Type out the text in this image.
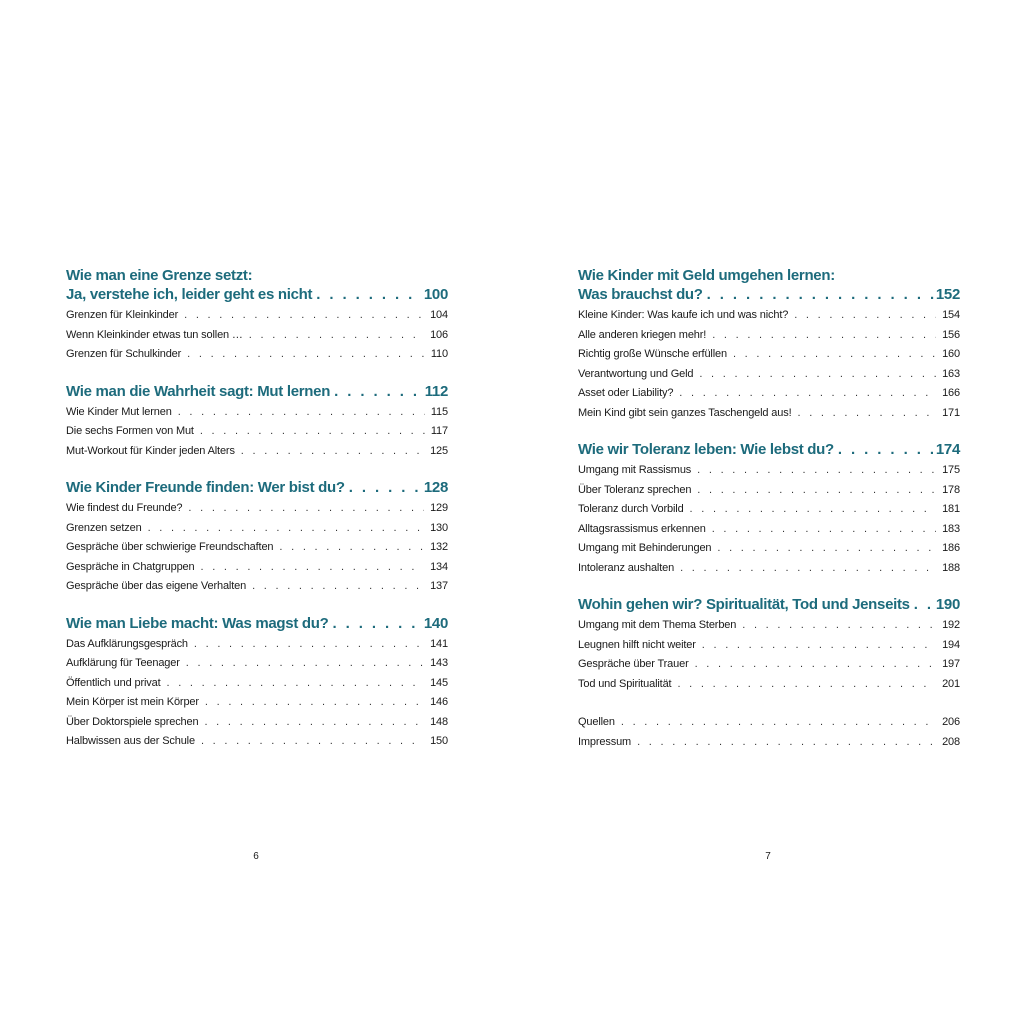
Wie man eine Grenze setzt:
Ja, verstehe ich, leider geht es nicht . . .	100
Grenzen für Kleinkinder . . .	104
Wenn Kleinkinder etwas tun sollen … . . .	106
Grenzen für Schulkinder . . .	110
Wie man die Wahrheit sagt: Mut lernen . . .	112
Wie Kinder Mut lernen . . .	115
Die sechs Formen von Mut . . .	117
Mut-Workout für Kinder jeden Alters . . .	125
Wie Kinder Freunde finden: Wer bist du? . . .	128
Wie findest du Freunde? . . .	129
Grenzen setzen . . .	130
Gespräche über schwierige Freundschaften . . .	132
Gespräche in Chatgruppen . . .	134
Gespräche über das eigene Verhalten . . .	137
Wie man Liebe macht: Was magst du? . . .	140
Das Aufklärungsgespräch . . .	141
Aufklärung für Teenager . . .	143
Öffentlich und privat . . .	145
Mein Körper ist mein Körper . . .	146
Über Doktorspiele sprechen . . .	148
Halbwissen aus der Schule . . .	150
6
Wie Kinder mit Geld umgehen lernen:
Was brauchst du? . . .	152
Kleine Kinder: Was kaufe ich und was nicht? . . .	154
Alle anderen kriegen mehr! . . .	156
Richtig große Wünsche erfüllen . . .	160
Verantwortung und Geld . . .	163
Asset oder Liability? . . .	166
Mein Kind gibt sein ganzes Taschengeld aus! . . .	171
Wie wir Toleranz leben: Wie lebst du? . . .	174
Umgang mit Rassismus . . .	175
Über Toleranz sprechen . . .	178
Toleranz durch Vorbild . . .	181
Alltagsrassismus erkennen . . .	183
Umgang mit Behinderungen . . .	186
Intoleranz aushalten . . .	188
Wohin gehen wir? Spiritualität, Tod und Jenseits . . . 190
Umgang mit dem Thema Sterben . . .	192
Leugnen hilft nicht weiter . . .	194
Gespräche über Trauer . . .	197
Tod und Spiritualität . . .	201
Quellen . . .	206
Impressum . . .	208
7
